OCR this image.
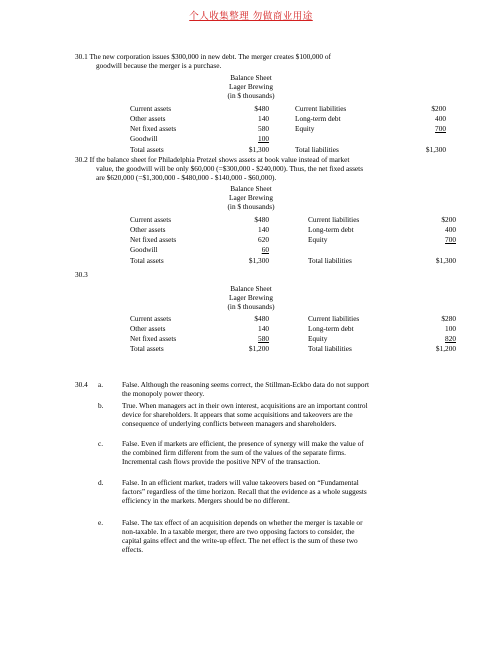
个人收集整理 勿做商业用途
30.1 The new corporation issues $300,000 in new debt. The merger creates $100,000 of
goodwill because the merger is a purchase.
Balance Sheet
Lager Brewing
(in $ thousands)
Current assets	$480	Current liabilities	$200
Other assets	140	Long-term debt	400
Net fixed assets	580	Equity	700
Goodwill	100
Total assets	$1,300	Total liabilities	$1,300
30.2 If the balance sheet for Philadelphia Pretzel shows assets at book value instead of market
value, the goodwill will be only $60,000 (=$300,000 - $240,000). Thus, the net fixed assets
are $620,000 (=$1,300,000 - $480,000 - $140,000 - $60,000).
Balance Sheet
Lager Brewing
(in $ thousands)
Current assets	$480	Current liabilities	$200
Other assets	140	Long-term debt	400
Net fixed assets	620	Equity	700
Goodwill	60
Total assets	$1,300	Total liabilities	$1,300
30.3
Balance Sheet
Lager Brewing
(in $ thousands)
Current assets	$480	Current liabilities	$280
Other assets	140	Long-term debt	100
Net fixed assets	580	Equity	820
Total assets	$1,200	Total liabilities	$1,200
30.4 a.	False. Although the reasoning seems correct, the Stillman-Eckbo data do not support
the monopoly power theory.
b.	True. When managers act in their own interest, acquisitions are an important control
device for shareholders. It appears that some acquisitions and takeovers are the
consequence of underlying conflicts between managers and shareholders.
c.	False. Even if markets are efficient, the presence of synergy will make the value of
the combined firm different from the sum of the values of the separate firms.
Incremental cash flows provide the positive NPV of the transaction.
d.	False. In an efficient market, traders will value takeovers based on “Fundamental
factors” regardless of the time horizon. Recall that the evidence as a whole suggests
efficiency in the markets. Mergers should be no different.
e.	False. The tax effect of an acquisition depends on whether the merger is taxable or
non-taxable. In a taxable merger, there are two opposing factors to consider, the
capital gains effect and the write-up effect. The net effect is the sum of these two
effects.
